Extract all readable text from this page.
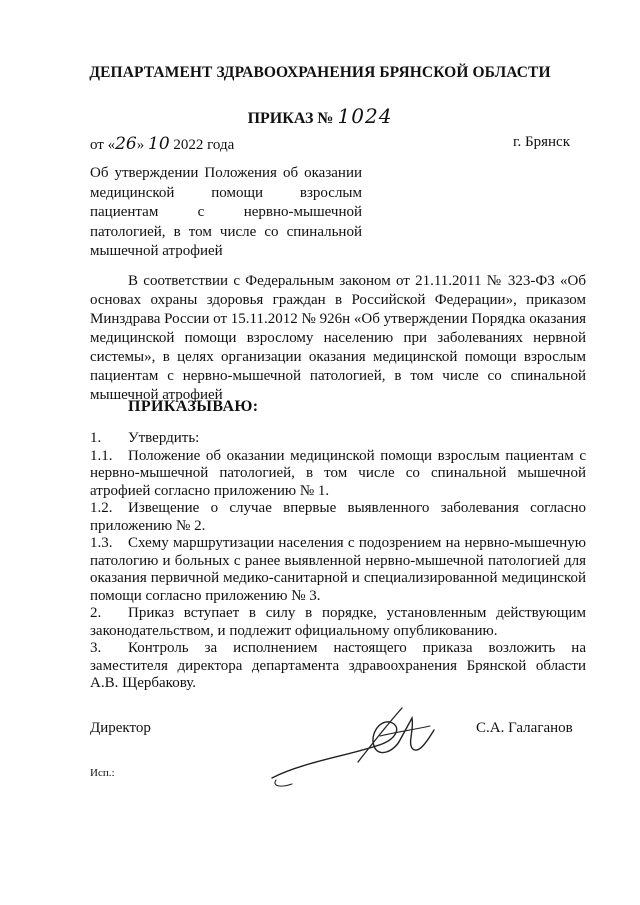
ДЕПАРТАМЕНТ ЗДРАВООХРАНЕНИЯ БРЯНСКОЙ ОБЛАСТИ
ПРИКАЗ № 1024
от «26» 10 2022 года	г. Брянск
Об утверждении Положения об оказании медицинской помощи взрослым пациентам с нервно-мышечной патологией, в том числе со спинальной мышечной атрофией
В соответствии с Федеральным законом от 21.11.2011 № 323-ФЗ «Об основах охраны здоровья граждан в Российской Федерации», приказом Минздрава России от 15.11.2012 № 926н «Об утверждении Порядка оказания медицинской помощи взрослому населению при заболеваниях нервной системы», в целях организации оказания медицинской помощи взрослым пациентам с нервно-мышечной патологией, в том числе со спинальной мышечной атрофией
ПРИКАЗЫВАЮ:

1. Утвердить:

1.1. Положение об оказании медицинской помощи взрослым пациентам с нервно-мышечной патологией, в том числе со спинальной мышечной атрофией согласно приложению № 1.

1.2. Извещение о случае впервые выявленного заболевания согласно приложению № 2.

1.3. Схему маршрутизации населения с подозрением на нервно-мышечную патологию и больных с ранее выявленной нервно-мышечной патологией для оказания первичной медико-санитарной и специализированной медицинской помощи согласно приложению № 3.

2. Приказ вступает в силу в порядке, установленным действующим законодательством, и подлежит официальному опубликованию.

3. Контроль за исполнением настоящего приказа возложить на заместителя директора департамента здравоохранения Брянской области А.В. Щербакову.

Директор	С.А. Галаганов
Исп.:
